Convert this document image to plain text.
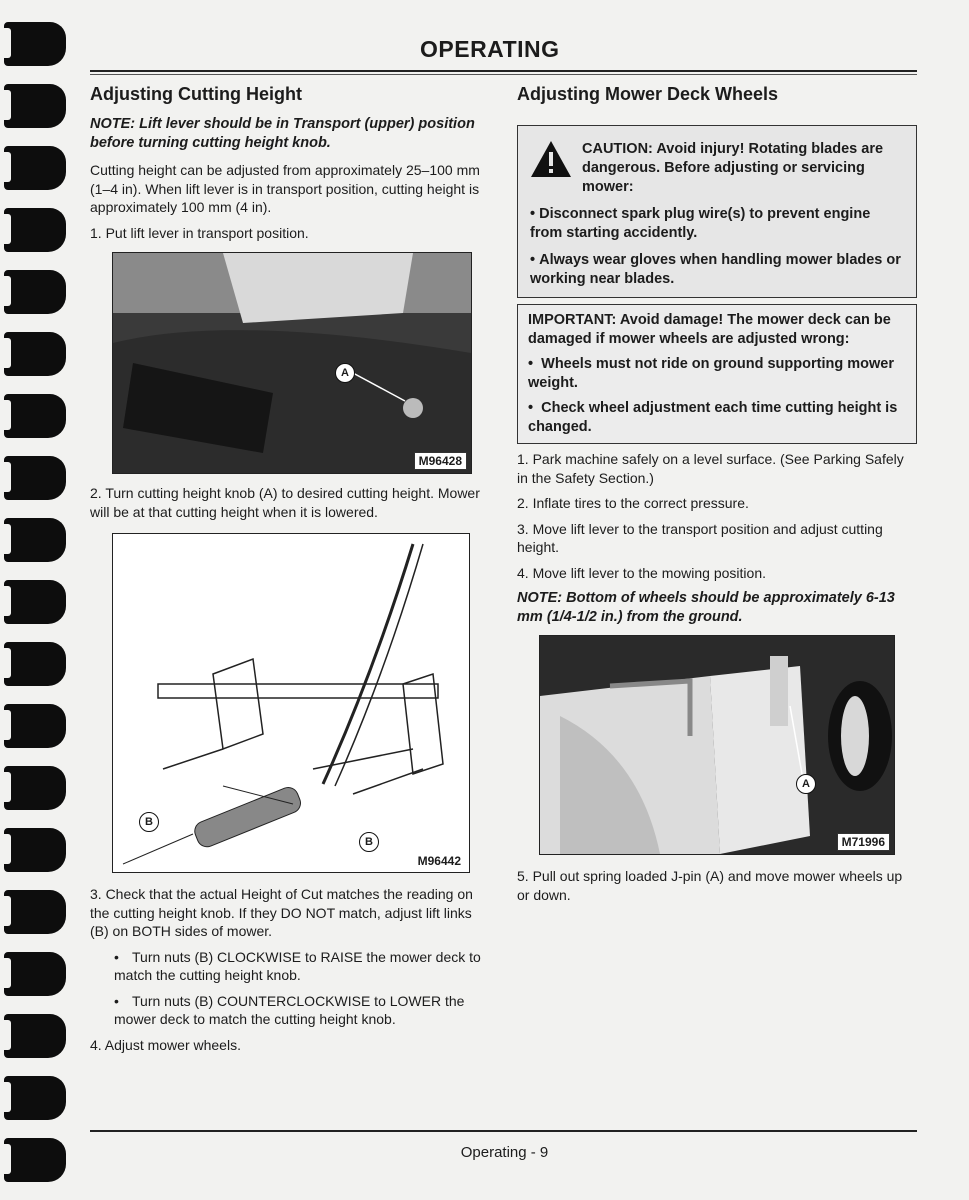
OPERATING
Adjusting Cutting Height
NOTE: Lift lever should be in Transport (upper) position before turning cutting height knob.

Cutting height can be adjusted from approximately 25–100 mm (1–4 in). When lift lever is in transport position, cutting height is approximately 100 mm (4 in).

1. Put lift lever in transport position.

A
M96428

2. Turn cutting height knob (A) to desired cutting height. Mower will be at that cutting height when it is lowered.

B
B
M96442

3. Check that the actual Height of Cut matches the reading on the cutting height knob. If they DO NOT match, adjust lift links (B) on BOTH sides of mower.

• Turn nuts (B) CLOCKWISE to RAISE the mower deck to match the cutting height knob.

• Turn nuts (B) COUNTERCLOCKWISE to LOWER the mower deck to match the cutting height knob.

4. Adjust mower wheels.

Adjusting Mower Deck Wheels
CAUTION: Avoid injury! Rotating blades are dangerous. Before adjusting or servicing mower:
• Disconnect spark plug wire(s) to prevent engine from starting accidently.
• Always wear gloves when handling mower blades or working near blades.
IMPORTANT: Avoid damage! The mower deck can be damaged if mower wheels are adjusted wrong:
•  Wheels must not ride on ground supporting mower weight.
•  Check wheel adjustment each time cutting height is changed.

1. Park machine safely on a level surface. (See Parking Safely in the Safety Section.)

2. Inflate tires to the correct pressure.

3. Move lift lever to the transport position and adjust cutting height.

4. Move lift lever to the mowing position.

NOTE: Bottom of wheels should be approximately 6-13 mm (1/4-1/2 in.) from the ground.
A
M71996

5. Pull out spring loaded J-pin (A) and move mower wheels up or down.

Operating - 9
